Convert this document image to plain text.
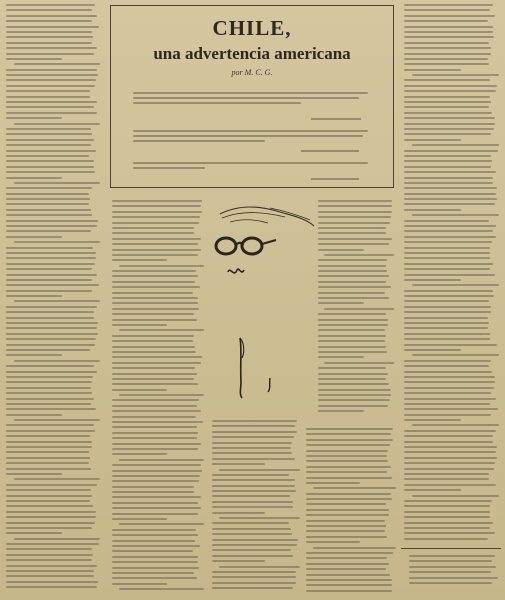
CHILE,
una advertencia americana
por M. C. G.
